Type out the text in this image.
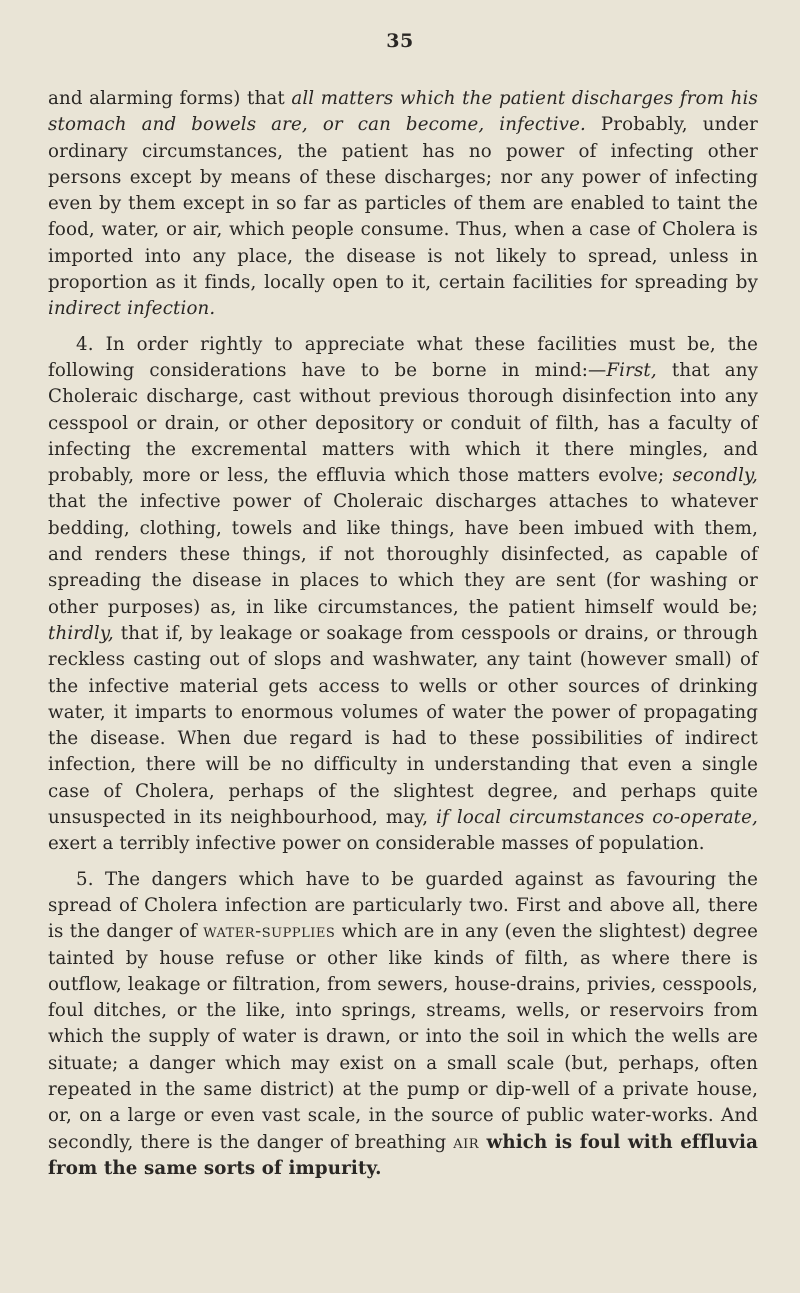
35

and alarming forms) that all matters which the patient discharges from his stomach and bowels are, or can become, infective. Probably, under ordinary circumstances, the patient has no power of infecting other persons except by means of these discharges; nor any power of infecting even by them except in so far as particles of them are enabled to taint the food, water, or air, which people consume. Thus, when a case of Cholera is imported into any place, the disease is not likely to spread, unless in proportion as it finds, locally open to it, certain facilities for spreading by indirect infection.

4. In order rightly to appreciate what these facilities must be, the following considerations have to be borne in mind:—First, that any Choleraic discharge, cast without previous thorough disinfection into any cesspool or drain, or other depository or conduit of filth, has a faculty of infecting the excremental matters with which it there mingles, and probably, more or less, the effluvia which those matters evolve; secondly, that the infective power of Choleraic discharges attaches to whatever bedding, clothing, towels and like things, have been imbued with them, and renders these things, if not thoroughly disinfected, as capable of spreading the disease in places to which they are sent (for washing or other purposes) as, in like circumstances, the patient himself would be; thirdly, that if, by leakage or soakage from cesspools or drains, or through reckless casting out of slops and washwater, any taint (however small) of the infective material gets access to wells or other sources of drinking water, it imparts to enormous volumes of water the power of propagating the disease. When due regard is had to these possibilities of indirect infection, there will be no difficulty in understanding that even a single case of Cholera, perhaps of the slightest degree, and perhaps quite unsuspected in its neighbourhood, may, if local circumstances co-operate, exert a terribly infective power on considerable masses of population.

5. The dangers which have to be guarded against as favouring the spread of Cholera infection are particularly two. First and above all, there is the danger of water-supplies which are in any (even the slightest) degree tainted by house refuse or other like kinds of filth, as where there is outflow, leakage or filtration, from sewers, house-drains, privies, cesspools, foul ditches, or the like, into springs, streams, wells, or reservoirs from which the supply of water is drawn, or into the soil in which the wells are situate; a danger which may exist on a small scale (but, perhaps, often repeated in the same district) at the pump or dip-well of a private house, or, on a large or even vast scale, in the source of public water-works. And secondly, there is the danger of breathing air which is foul with effluvia from the same sorts of impurity.
